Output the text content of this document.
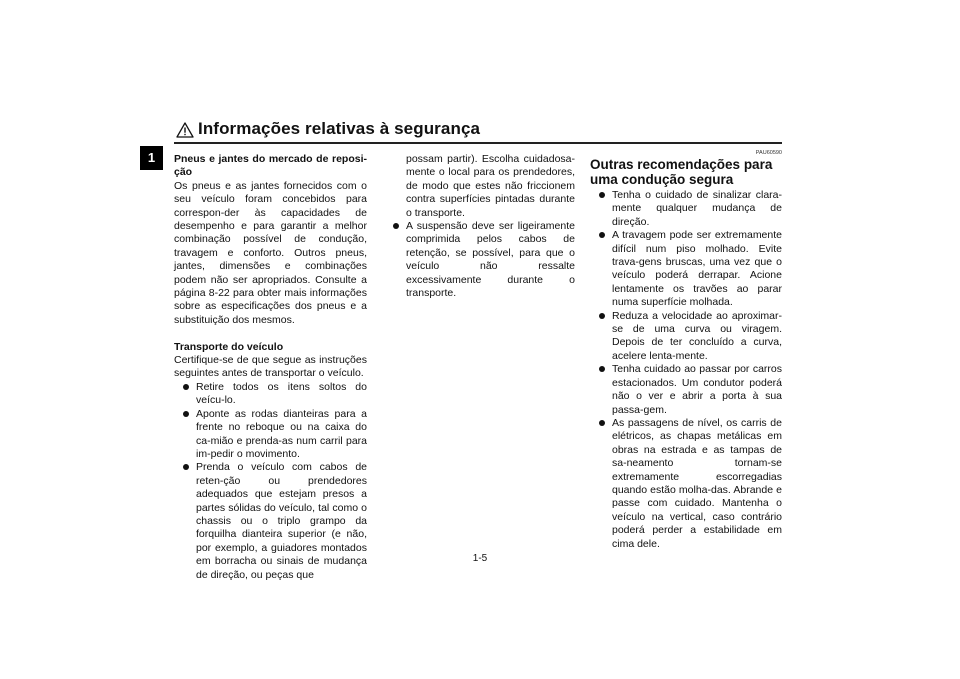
Informações relativas à segurança
1	Pneus e jantes do mercado de reposi-ção

Os pneus e as jantes fornecidos com o seu veículo foram concebidos para correspon-der às capacidades de desempenho e para garantir a melhor combinação possível de condução, travagem e conforto. Outros pneus, jantes, dimensões e combinações podem não ser apropriados. Consulte a página 8-22 para obter mais informações sobre as especificações dos pneus e a substituição dos mesmos.

Transporte do veículo

Certifique-se de que segue as instruções seguintes antes de transportar o veículo.

Retire todos os itens soltos do veícu-lo.
Aponte as rodas dianteiras para a frente no reboque ou na caixa do ca-mião e prenda-as num carril para im-pedir o movimento.
Prenda o veículo com cabos de reten-ção ou prendedores adequados que estejam presos a partes sólidas do veículo, tal como o chassis ou o triplo grampo da forquilha dianteira superior (e não, por exemplo, a guiadores montados em borracha ou sinais de mudança de direção, ou peças que

possam partir). Escolha cuidadosa-mente o local para os prendedores, de modo que estes não friccionem contra superfícies pintadas durante o transporte.

A suspensão deve ser ligeiramente comprimida pelos cabos de retenção, se possível, para que o veículo não ressalte excessivamente durante o transporte.
PAU60590
Outras recomendações para uma condução segura
Tenha o cuidado de sinalizar clara-mente qualquer mudança de direção.
A travagem pode ser extremamente difícil num piso molhado. Evite trava-gens bruscas, uma vez que o veículo poderá derrapar. Acione lentamente os travões ao parar numa superfície molhada.
Reduza a velocidade ao aproximar-se de uma curva ou viragem. Depois de ter concluído a curva, acelere lenta-mente.
Tenha cuidado ao passar por carros estacionados. Um condutor poderá não o ver e abrir a porta à sua passa-gem.
As passagens de nível, os carris de elétricos, as chapas metálicas em obras na estrada e as tampas de sa-neamento tornam-se extremamente escorregadias quando estão molha-das. Abrande e passe com cuidado. Mantenha o veículo na vertical, caso contrário poderá perder a estabilidade em cima dele.
1-5
